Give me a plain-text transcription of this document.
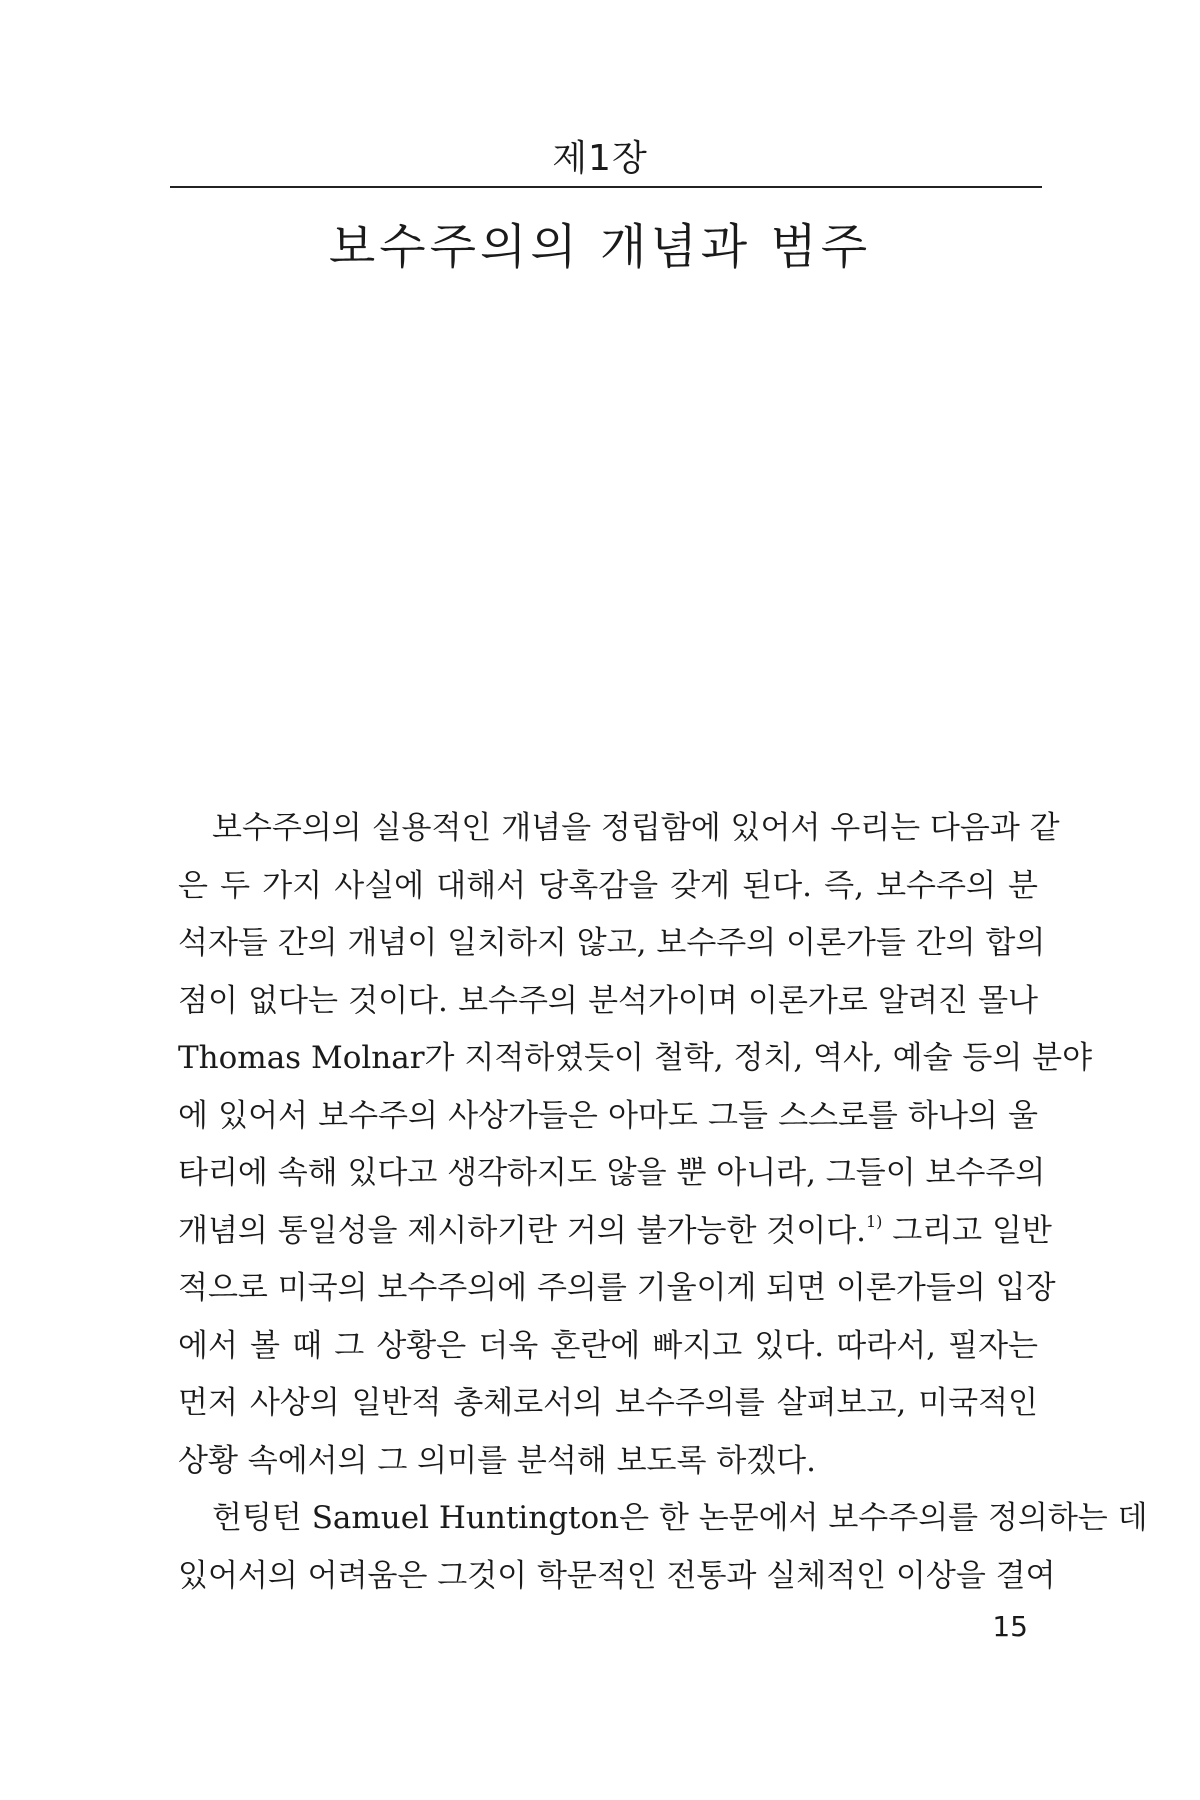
제1장
보수주의의 개념과 범주
보수주의의 실용적인 개념을 정립함에 있어서 우리는 다음과 같
은 두 가지 사실에 대해서 당혹감을 갖게 된다. 즉, 보수주의 분
석자들 간의 개념이 일치하지 않고, 보수주의 이론가들 간의 합의
점이 없다는 것이다. 보수주의 분석가이며 이론가로 알려진 몰나
Thomas Molnar가 지적하였듯이 철학, 정치, 역사, 예술 등의 분야
에 있어서 보수주의 사상가들은 아마도 그들 스스로를 하나의 울
타리에 속해 있다고 생각하지도 않을 뿐 아니라, 그들이 보수주의
개념의 통일성을 제시하기란 거의 불가능한 것이다.$^{1)}$ 그리고 일반
적으로 미국의 보수주의에 주의를 기울이게 되면 이론가들의 입장
에서 볼 때 그 상황은 더욱 혼란에 빠지고 있다. 따라서, 필자는
먼저 사상의 일반적 총체로서의 보수주의를 살펴보고, 미국적인
상황 속에서의 그 의미를 분석해 보도록 하겠다.
헌팅턴 Samuel Huntington은 한 논문에서 보수주의를 정의하는 데
있어서의 어려움은 그것이 학문적인 전통과 실체적인 이상을 결여
15
